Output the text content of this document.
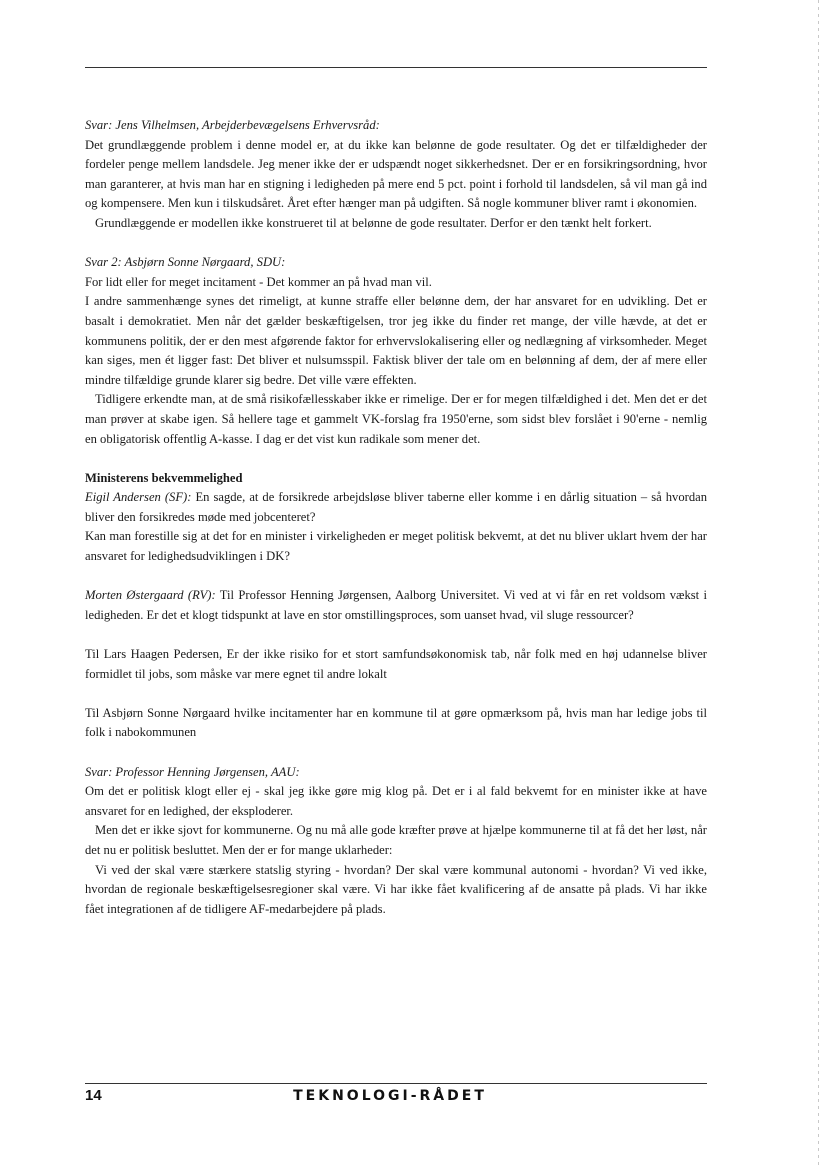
Svar: Jens Vilhelmsen, Arbejderbevægelsens Erhvervsråd:

Det grundlæggende problem i denne model er, at du ikke kan belønne de gode resultater. Og det er tilfældigheder der fordeler penge mellem landsdele. Jeg mener ikke der er udspændt noget sikkerhedsnet. Der er en forsikringsordning, hvor man garanterer, at hvis man har en stigning i ledigheden på mere end 5 pct. point i forhold til landsdelen, så vil man gå ind og kompensere. Men kun i tilskudsåret. Året efter hænger man på udgiften. Så nogle kommuner bliver ramt i økonomien.

Grundlæggende er modellen ikke konstrueret til at belønne de gode resultater. Derfor er den tænkt helt forkert.

Svar 2: Asbjørn Sonne Nørgaard, SDU:

For lidt eller for meget incitament - Det kommer an på hvad man vil.

I andre sammenhænge synes det rimeligt, at kunne straffe eller belønne dem, der har ansvaret for en udvikling. Det er basalt i demokratiet. Men når det gælder beskæftigelsen, tror jeg ikke du finder ret mange, der ville hævde, at det er kommunens politik, der er den mest afgørende faktor for erhvervslokalisering eller og nedlægning af virksomheder. Meget kan siges, men ét ligger fast: Det bliver et nulsumsspil. Faktisk bliver der tale om en belønning af dem, der af mere eller mindre tilfældige grunde klarer sig bedre. Det ville være effekten.

Tidligere erkendte man, at de små risikofællesskaber ikke er rimelige. Der er for megen tilfældighed i det. Men det er det man prøver at skabe igen. Så hellere tage et gammelt VK-forslag fra 1950'erne, som sidst blev forslået i 90'erne - nemlig en obligatorisk offentlig A-kasse. I dag er det vist kun radikale som mener det.

Ministerens bekvemmelighed

Eigil Andersen (SF): En sagde, at de forsikrede arbejdsløse bliver taberne eller komme i en dårlig situation – så hvordan bliver den forsikredes møde med jobcenteret?

Kan man forestille sig at det for en minister i virkeligheden er meget politisk bekvemt, at det nu bliver uklart hvem der har ansvaret for ledighedsudviklingen i DK?

Morten Østergaard (RV): Til Professor Henning Jørgensen, Aalborg Universitet. Vi ved at vi får en ret voldsom vækst i ledigheden. Er det et klogt tidspunkt at lave en stor omstillingsproces, som uanset hvad, vil sluge ressourcer?

Til Lars Haagen Pedersen, Er der ikke risiko for et stort samfundsøkonomisk tab, når folk med en høj udannelse bliver formidlet til jobs, som måske var mere egnet til andre lokalt

Til Asbjørn Sonne Nørgaard hvilke incitamenter har en kommune til at gøre opmærksom på, hvis man har ledige jobs til folk i nabokommunen

Svar: Professor Henning Jørgensen, AAU:

Om det er politisk klogt eller ej - skal jeg ikke gøre mig klog på. Det er i al fald bekvemt for en minister ikke at have ansvaret for en ledighed, der eksploderer.

Men det er ikke sjovt for kommunerne. Og nu må alle gode kræfter prøve at hjælpe kommunerne til at få det her løst, når det nu er politisk besluttet. Men der er for mange uklarheder:

Vi ved der skal være stærkere statslig styring - hvordan? Der skal være kommunal autonomi - hvordan? Vi ved ikke, hvordan de regionale beskæftigelsesregioner skal være. Vi har ikke fået kvalificering af de ansatte på plads. Vi har ikke fået integrationen af de tidligere AF-medarbejdere på plads.

14	TEKNOLOGI-RÅDET
